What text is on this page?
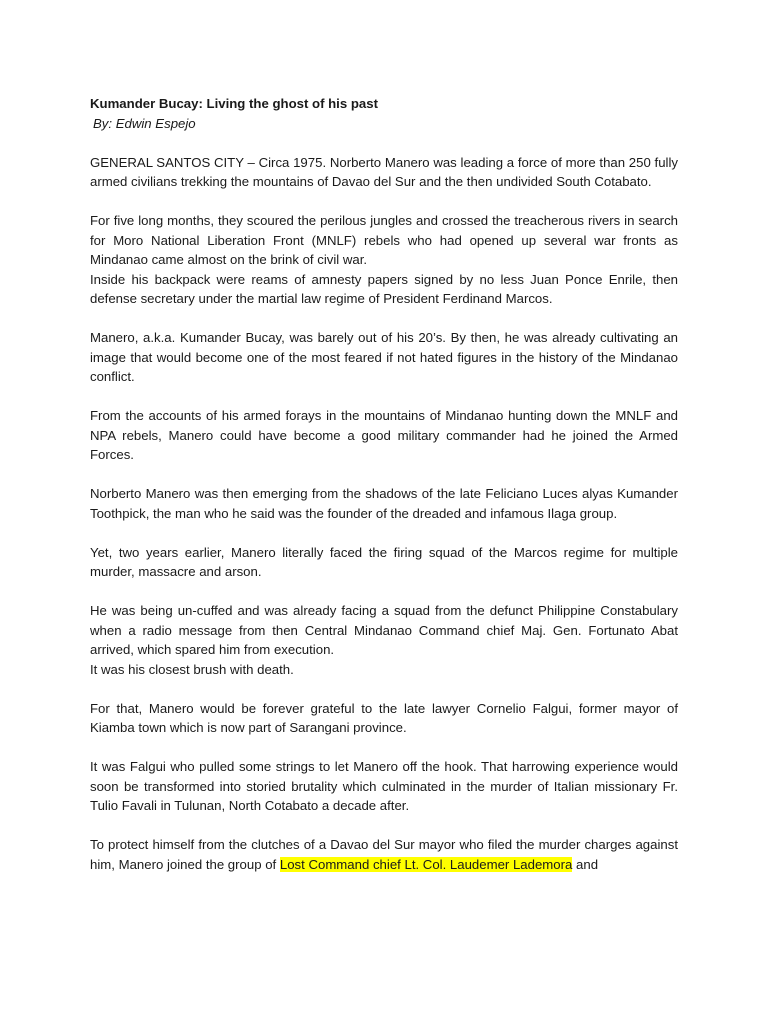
Kumander Bucay: Living the ghost of his past
By: Edwin Espejo

GENERAL SANTOS CITY – Circa 1975. Norberto Manero was leading a force of more than 250 fully armed civilians trekking the mountains of Davao del Sur and the then undivided South Cotabato.

For five long months, they scoured the perilous jungles and crossed the treacherous rivers in search for Moro National Liberation Front (MNLF) rebels who had opened up several war fronts as Mindanao came almost on the brink of civil war.

Inside his backpack were reams of amnesty papers signed by no less Juan Ponce Enrile, then defense secretary under the martial law regime of President Ferdinand Marcos.

Manero, a.k.a. Kumander Bucay, was barely out of his 20’s. By then, he was already cultivating an image that would become one of the most feared if not hated figures in the history of the Mindanao conflict.

From the accounts of his armed forays in the mountains of Mindanao hunting down the MNLF and NPA rebels, Manero could have become a good military commander had he joined the Armed Forces.

Norberto Manero was then emerging from the shadows of the late Feliciano Luces alyas Kumander Toothpick, the man who he said was the founder of the dreaded and infamous Ilaga group.

Yet, two years earlier, Manero literally faced the firing squad of the Marcos regime for multiple murder, massacre and arson.

He was being un-cuffed and was already facing a squad from the defunct Philippine Constabulary when a radio message from then Central Mindanao Command chief Maj. Gen. Fortunato Abat arrived, which spared him from execution.

It was his closest brush with death.

For that, Manero would be forever grateful to the late lawyer Cornelio Falgui, former mayor of Kiamba town which is now part of Sarangani province.

It was Falgui who pulled some strings to let Manero off the hook. That harrowing experience would soon be transformed into storied brutality which culminated in the murder of Italian missionary Fr. Tulio Favali in Tulunan, North Cotabato a decade after.

To protect himself from the clutches of a Davao del Sur mayor who filed the murder charges against him, Manero joined the group of Lost Command chief Lt. Col. Laudemer Lademora and
